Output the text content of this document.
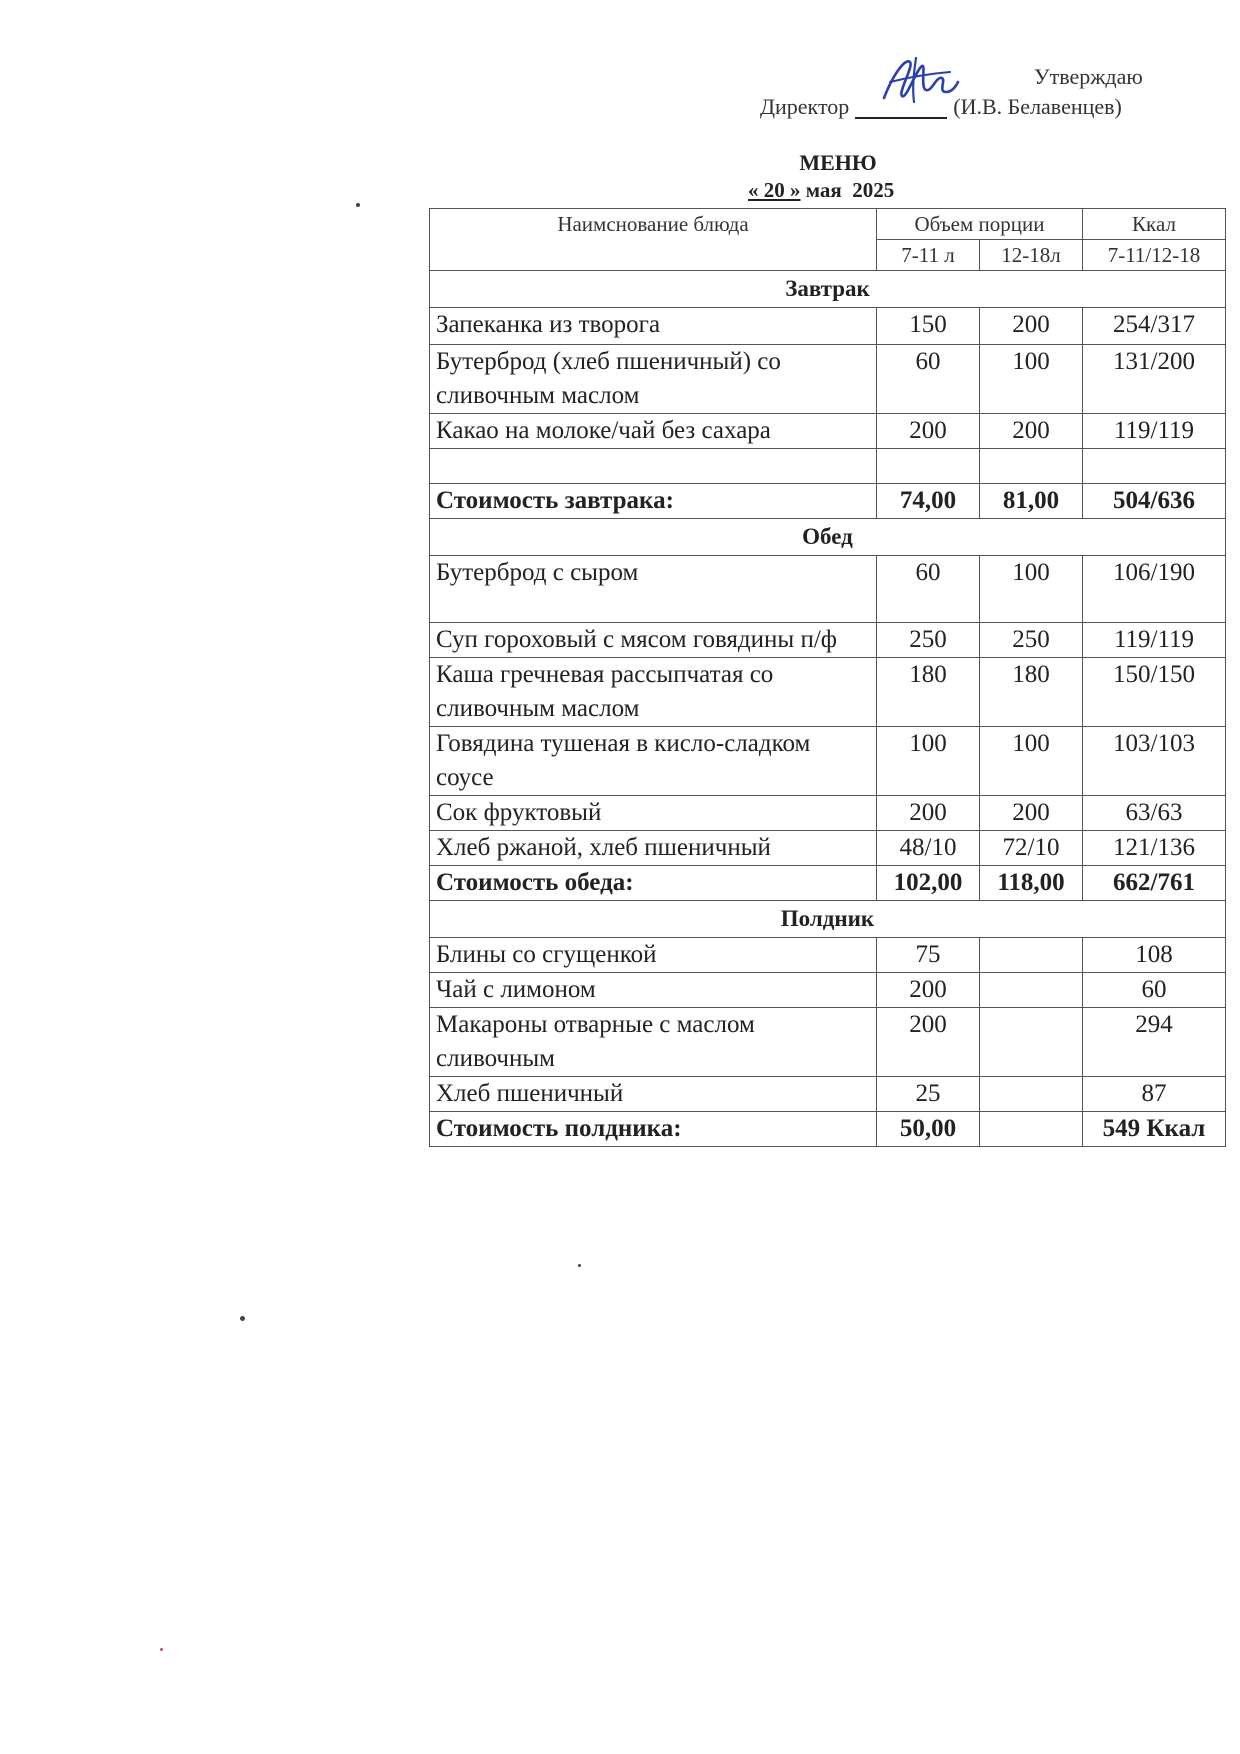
Утверждаю
Директор	(И.В. Белавенцев)
МЕНЮ
« 20 » мая 2025
Наимснование блюда	Объем порции		Ккал
	7-11 л	12-18л	7-11/12-18
Завтрак			
Запеканка из творога	150	200	254/317
Бутерброд (хлеб пшеничный) со сливочным маслом	60	100	131/200
Какао на молоке/чай без сахара	200	200	119/119

Стоимость завтрака:	74,00	81,00	504/636
Обед			
Бутерброд с сыром	60	100	106/190
Суп гороховый с мясом говядины п/ф	250	250	119/119
Каша гречневая рассыпчатая со сливочным маслом	180	180	150/150
Говядина тушеная в кисло-сладком соусе	100	100	103/103
Сок фруктовый	200	200	63/63
Хлеб ржаной, хлеб пшеничный	48/10	72/10	121/136
Стоимость обеда:	102,00	118,00	662/761
Полдник			
Блины со сгущенкой	75		108
Чай с лимоном	200		60
Макароны отварные с маслом сливочным	200		294
Хлеб пшеничный	25		87
Стоимость полдника:	50,00		549 Ккал
